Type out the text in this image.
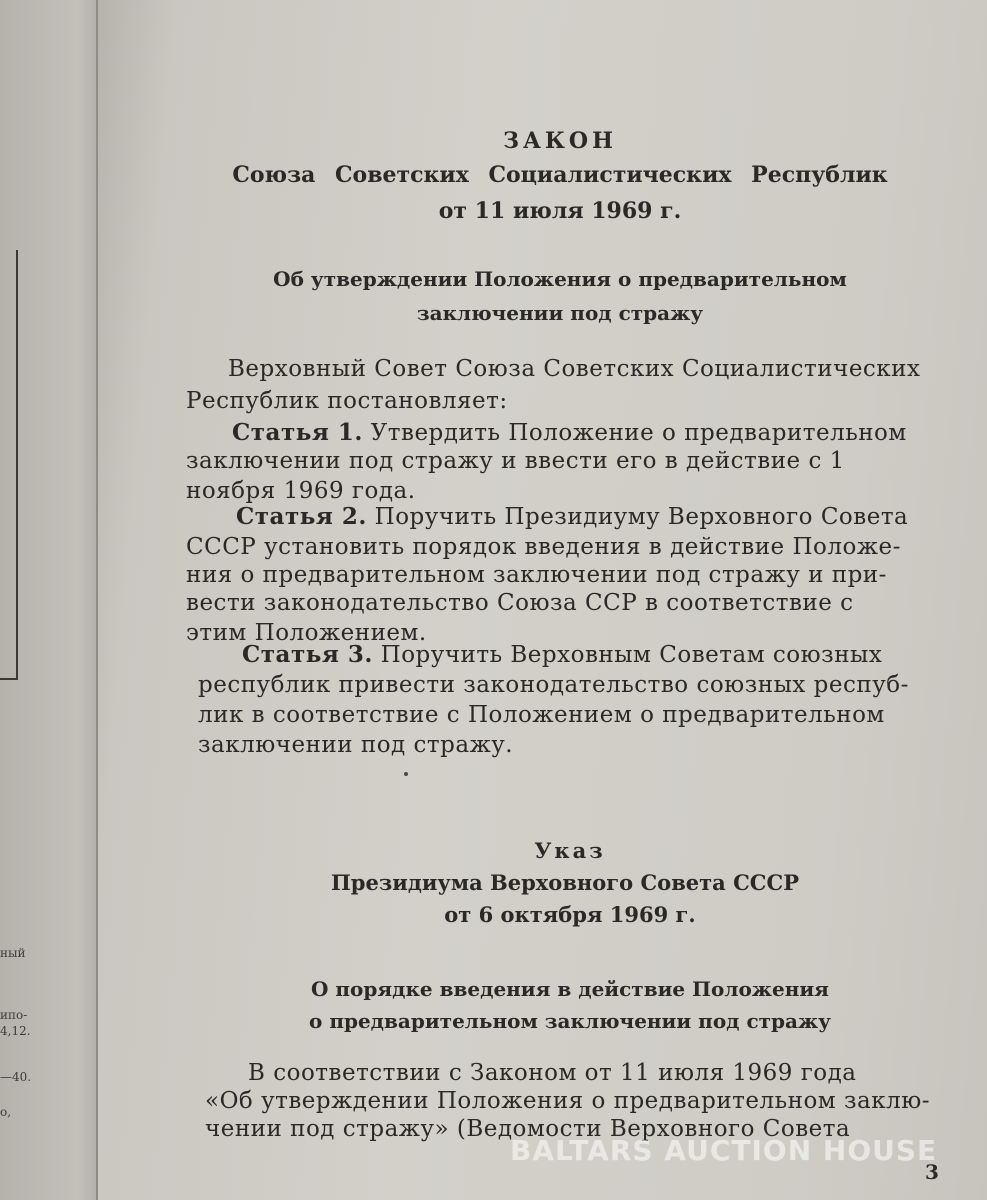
ный
ипо-
4,12.
—40.
о,
ЗАКОН
Союза Советских Социалистических Республик
от 11 июля 1969 г.
Об утверждении Положения о предварительном
заключении под стражу
Верховный Совет Союза Советских Социалистических
Республик постановляет:
Статья 1. Утвердить Положение о предварительном
заключении под стражу и ввести его в действие с 1
ноября 1969 года.
Статья 2. Поручить Президиуму Верховного Совета
СССР установить порядок введения в действие Положе-
ния о предварительном заключении под стражу и при-
вести законодательство Союза ССР в соответствие с
этим Положением.
Статья 3. Поручить Верховным Советам союзных
республик привести законодательство союзных респуб-
лик в соответствие с Положением о предварительном
заключении под стражу.
Указ
Президиума Верховного Совета СССР
от 6 октября 1969 г.
О порядке введения в действие Положения
о предварительном заключении под стражу
В соответствии с Законом от 11 июля 1969 года
«Об утверждении Положения о предварительном заклю-
чении под стражу» (Ведомости Верховного Совета
BALTARS AUCTION HOUSE
3
